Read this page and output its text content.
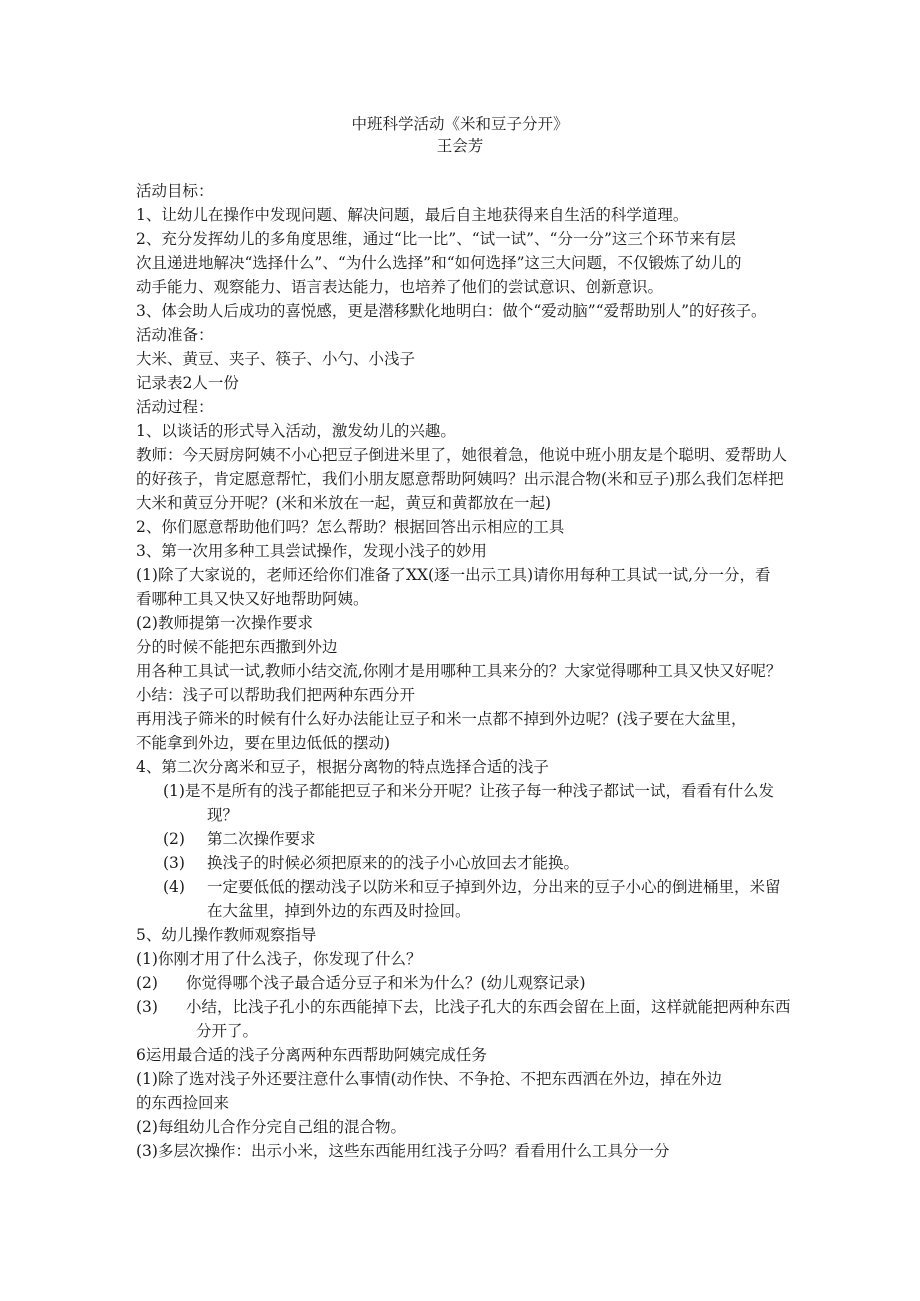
中班科学活动《米和豆子分开》
王会芳
活动目标：
1、让幼儿在操作中发现问题、解决问题，最后自主地获得来自生活的科学道理。
2、充分发挥幼儿的多角度思维，通过“比一比”、“试一试”、“分一分”这三个环节来有层
次且递进地解决“选择什么”、“为什么选择”和“如何选择”这三大问题，不仅锻炼了幼儿的
动手能力、观察能力、语言表达能力，也培养了他们的尝试意识、创新意识。
3、体会助人后成功的喜悦感，更是潜移默化地明白：做个“爱动脑”“爱帮助别人”的好孩子。
活动准备：
大米、黄豆、夹子、筷子、小勺、小浅子
记录表2人一份
活动过程：
1、以谈话的形式导入活动，激发幼儿的兴趣。
教师：今天厨房阿姨不小心把豆子倒进米里了，她很着急，他说中班小朋友是个聪明、爱帮助人
的好孩子，肯定愿意帮忙，我们小朋友愿意帮助阿姨吗？出示混合物(米和豆子)那么我们怎样把
大米和黄豆分开呢？(米和米放在一起，黄豆和黄都放在一起)
2、你们愿意帮助他们吗？怎么帮助？根据回答出示相应的工具
3、第一次用多种工具尝试操作，发现小浅子的妙用
(1)除了大家说的，老师还给你们准备了XX(逐一出示工具)请你用每种工具试一试,分一分，看
看哪种工具又快又好地帮助阿姨。
(2)教师提第一次操作要求
分的时候不能把东西撒到外边
用各种工具试一试,教师小结交流,你刚才是用哪种工具来分的？大家觉得哪种工具又快又好呢？
小结：浅子可以帮助我们把两种东西分开
再用浅子筛米的时候有什么好办法能让豆子和米一点都不掉到外边呢？(浅子要在大盆里，
不能拿到外边，要在里边低低的摆动)
4、第二次分离米和豆子，根据分离物的特点选择合适的浅子
(1)是不是所有的浅子都能把豆子和米分开呢？让孩子每一种浅子都试一试，看看有什么发
现？
(2) 第二次操作要求
(3) 换浅子的时候必须把原来的的浅子小心放回去才能换。
(4) 一定要低低的摆动浅子以防米和豆子掉到外边，分出来的豆子小心的倒进桶里，米留
在大盆里，掉到外边的东西及时捡回。
5、幼儿操作教师观察指导
(1)你刚才用了什么浅子，你发现了什么？
(2) 你觉得哪个浅子最合适分豆子和米为什么？(幼儿观察记录)
(3) 小结，比浅子孔小的东西能掉下去，比浅子孔大的东西会留在上面，这样就能把两种东西
分开了。
6运用最合适的浅子分离两种东西帮助阿姨完成任务
(1)除了选对浅子外还要注意什么事情(动作快、不争抢、不把东西洒在外边，掉在外边
的东西捡回来
(2)每组幼儿合作分完自己组的混合物。
(3)多层次操作：出示小米，这些东西能用红浅子分吗？看看用什么工具分一分
